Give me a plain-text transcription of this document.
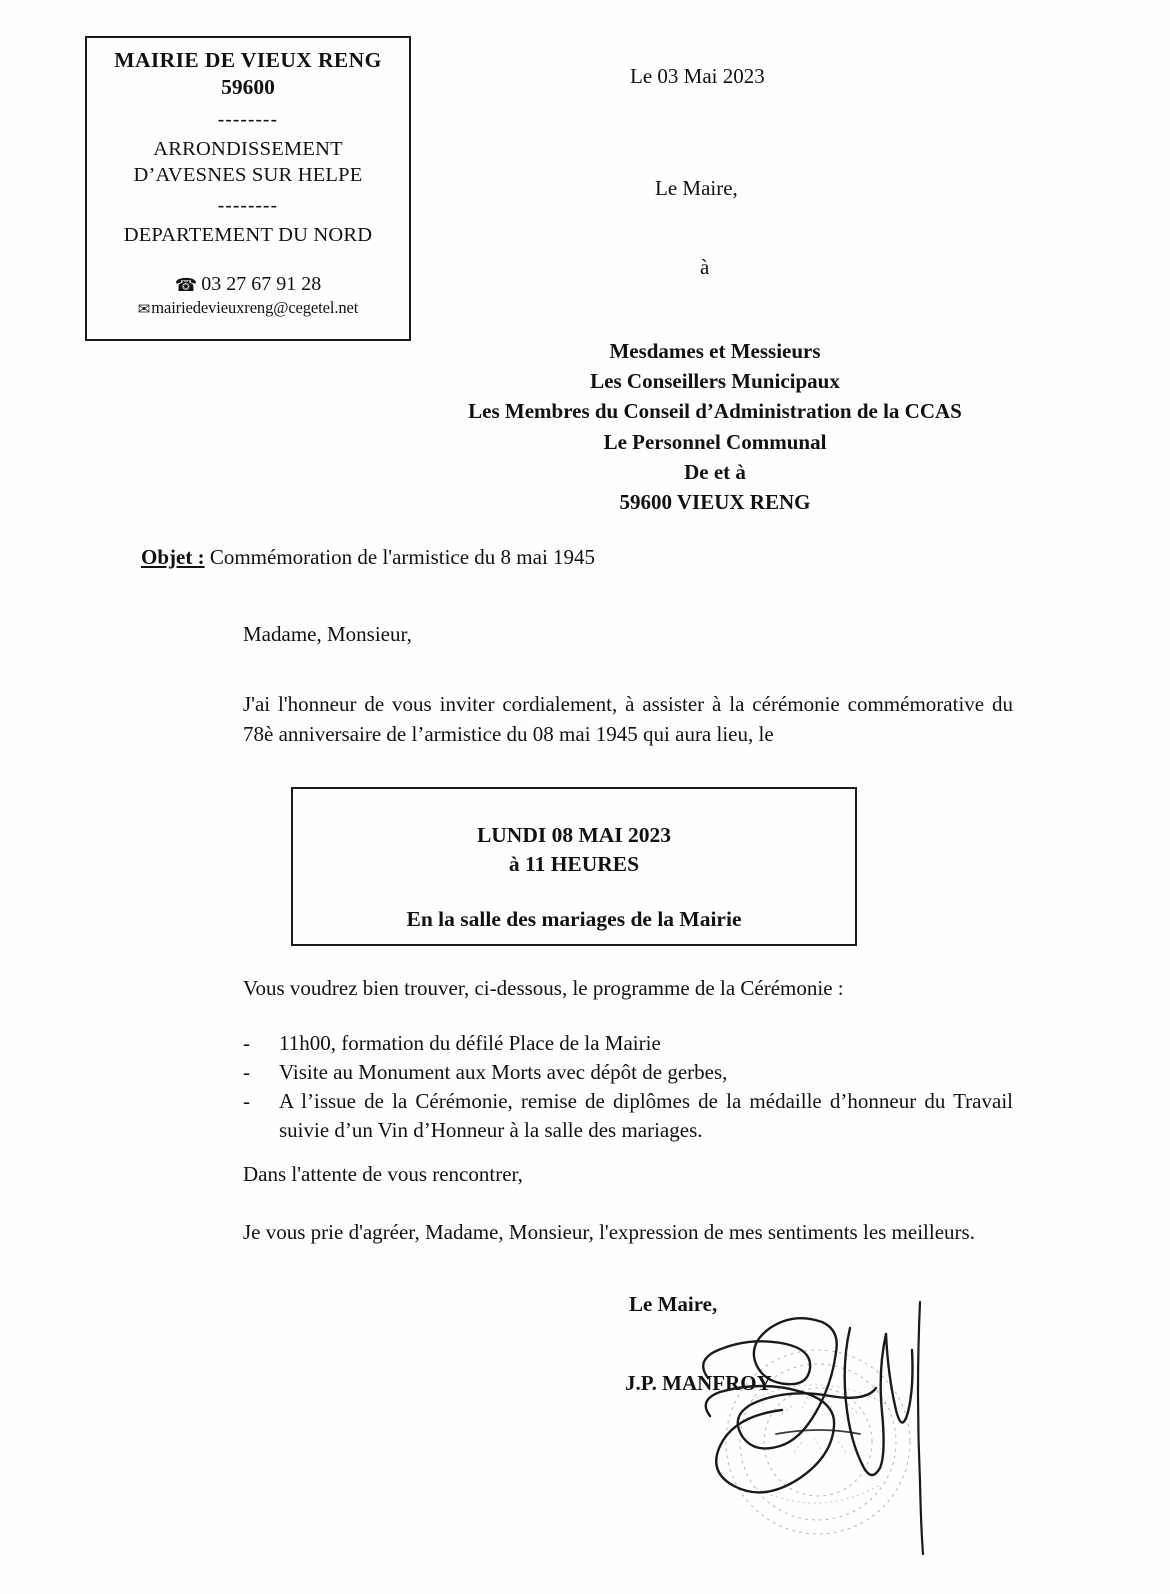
MAIRIE DE VIEUX RENG
59600
--------
ARRONDISSEMENT
D’AVESNES SUR HELPE
--------
DEPARTEMENT DU NORD
☎ 03 27 67 91 28
✉mairiedevieuxreng@cegetel.net
Le 03 Mai 2023
Le Maire,
à
Mesdames et Messieurs
Les Conseillers Municipaux
Les Membres du Conseil d’Administration de la CCAS
Le Personnel Communal
De et à
59600 VIEUX RENG
Objet : Commémoration de l'armistice du 8 mai 1945

Madame, Monsieur,

J'ai l'honneur de vous inviter cordialement, à assister à la cérémonie commémorative du 78è anniversaire de l’armistice du 08 mai 1945 qui aura lieu, le

LUNDI 08 MAI 2023
à 11 HEURES
En la salle des mariages de la Mairie
Vous voudrez bien trouver, ci-dessous, le programme de la Cérémonie :
-	11h00, formation du défilé Place de la Mairie
-	Visite au Monument aux Morts avec dépôt de gerbes,
-	A l’issue de la Cérémonie, remise de diplômes de la médaille d’honneur du Travail suivie d’un Vin d’Honneur à la salle des mariages.
Dans l'attente de vous rencontrer,
Je vous prie d'agréer, Madame, Monsieur, l'expression de mes sentiments les meilleurs.
Le Maire,
J.P. MANFROY
